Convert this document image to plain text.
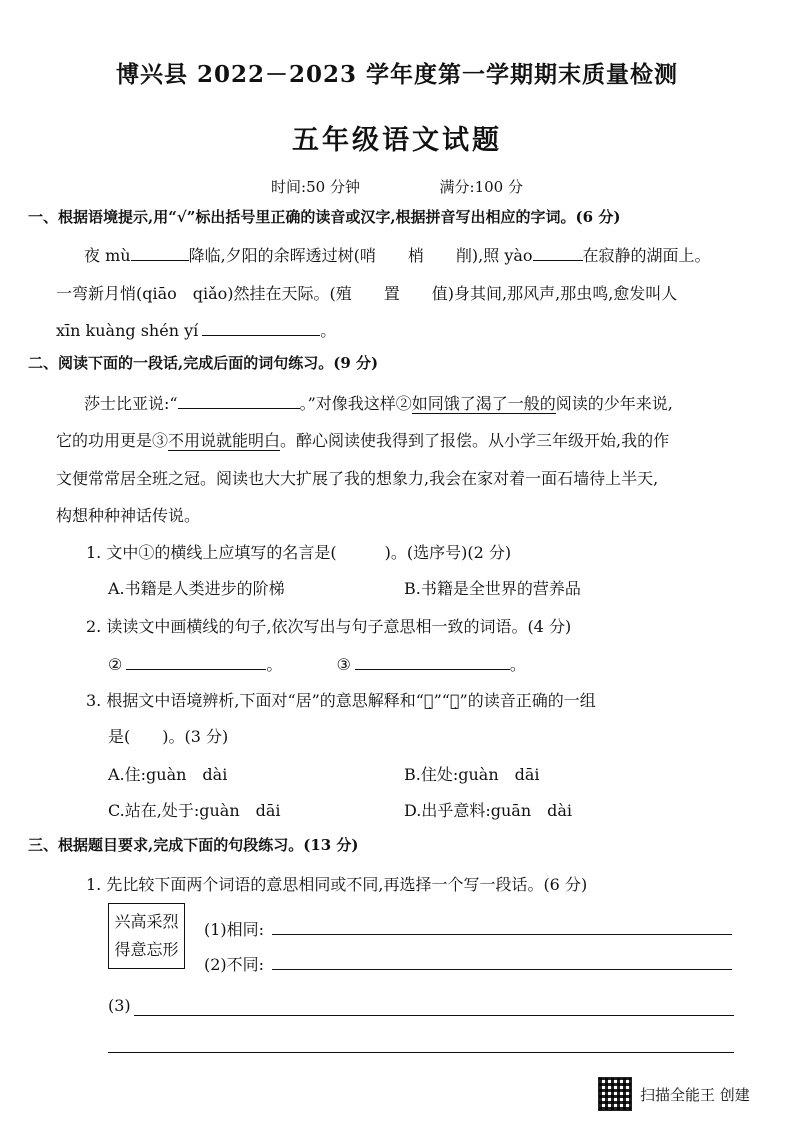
博兴县 2022－2023 学年度第一学期期末质量检测
五年级语文试题
时间:50 分钟	满分:100 分
一、根据语境提示,用“√”标出括号里正确的读音或汉字,根据拼音写出相应的字词。(6 分)
夜 mù	降临,夕阳的余晖透过树(哨　　梢　　削),照 yào	在寂静的湖面上。
一弯新月悄(qiāo　qiǎo)然挂在天际。(殖　　置　　值)身其间,那风声,那虫鸣,愈发叫人
xīn kuàng shén yí	。
二、阅读下面的一段话,完成后面的词句练习。(9 分)
莎士比亚说:“	。”对像我这样②如同饿了渴了一般的阅读的少年来说,
它的功用更是③不用说就能明白。醉心阅读使我得到了报偿。从小学三年级开始,我的作
文便常常居全班之冠。阅读也大大扩展了我的想象力,我会在家对着一面石墙待上半天,
构想种种神话传说。
1. 文中①的横线上应填写的名言是(　　　)。(选序号)(2 分)
A.书籍是人类进步的阶梯	B.书籍是全世界的营养品
2. 读读文中画横线的句子,依次写出与句子意思相一致的词语。(4 分)
②	。	③	。
3. 根据文中语境辨析,下面对“居”的意思解释和“冠̣”“待̣”的读音正确的一组
是(　　)。(3 分)
A.住:guàn　dài	B.住处:guàn　dāi
C.站在,处于:guàn　dāi	D.出乎意料:guān　dài
三、根据题目要求,完成下面的句段练习。(13 分)
1. 先比较下面两个词语的意思相同或不同,再选择一个写一段话。(6 分)
兴高采烈
得意忘形
(1)相同:
(2)不同:
(3)
扫描全能王 创建
